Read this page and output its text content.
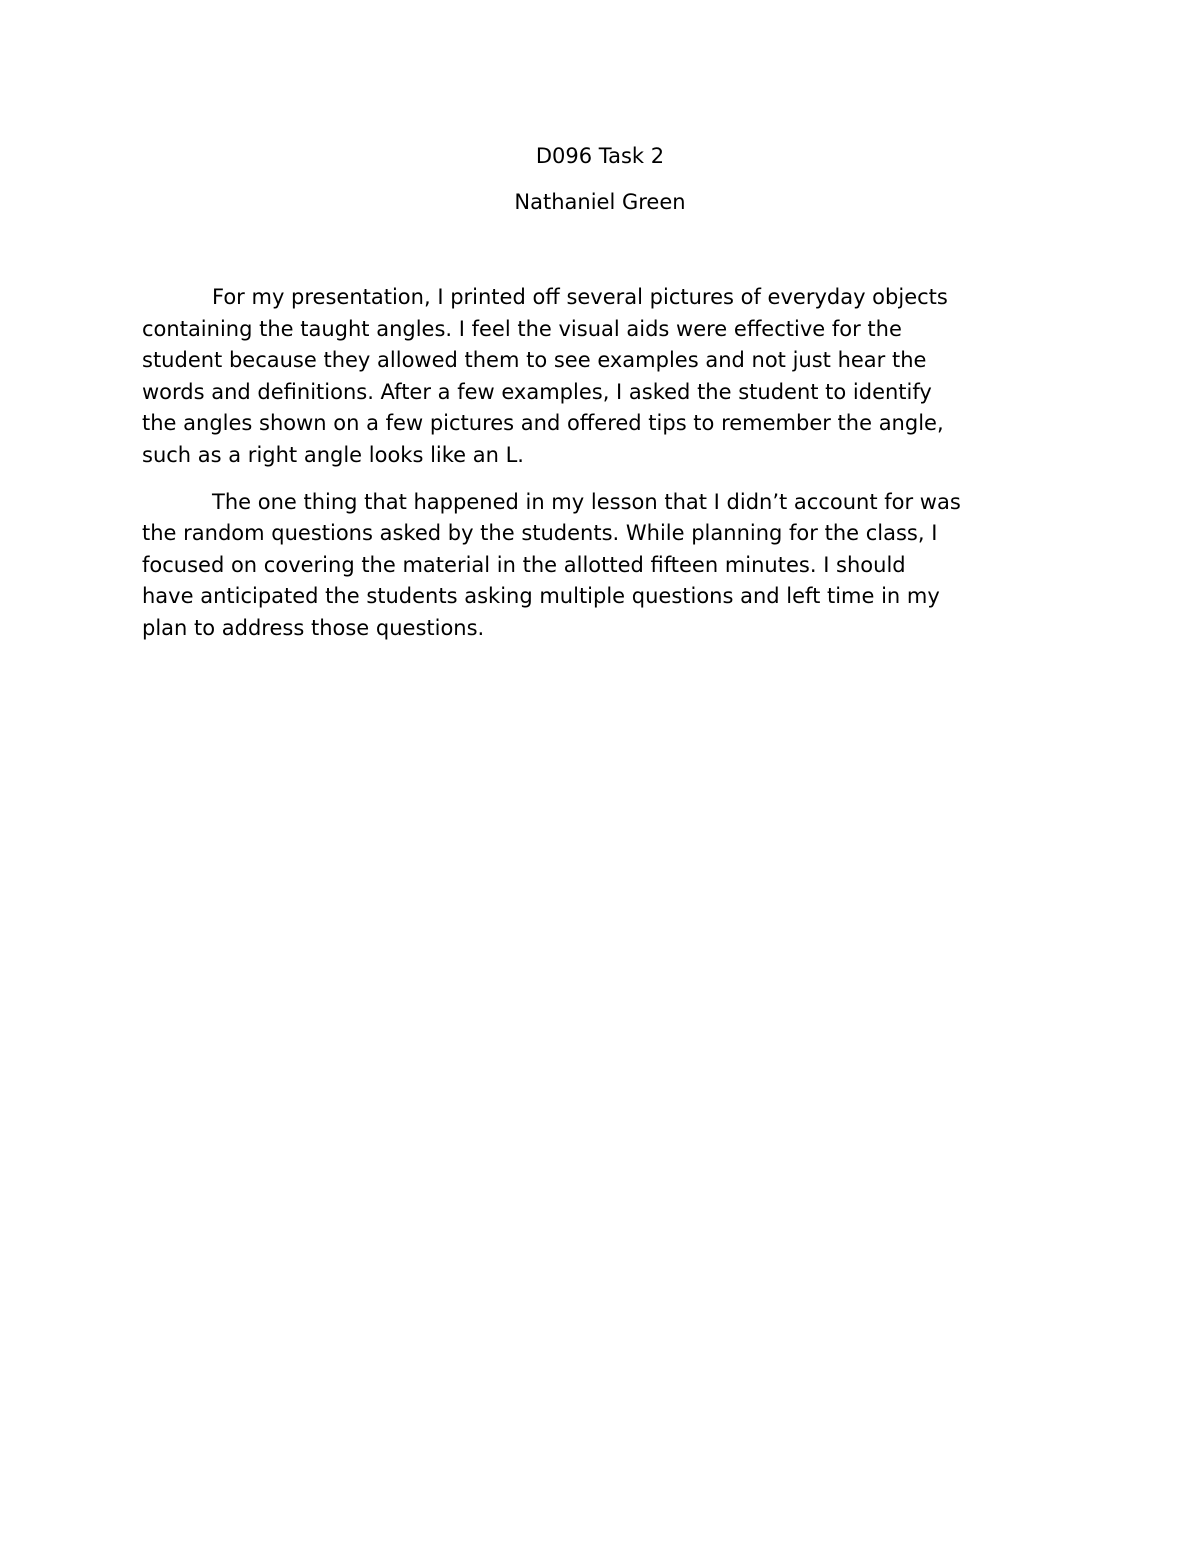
D096 Task 2
Nathaniel Green

For my presentation, I printed off several pictures of everyday objects
containing the taught angles. I feel the visual aids were effective for the
student because they allowed them to see examples and not just hear the
words and definitions. After a few examples, I asked the student to identify
the angles shown on a few pictures and offered tips to remember the angle,
such as a right angle looks like an L.

The one thing that happened in my lesson that I didn’t account for was
the random questions asked by the students. While planning for the class, I
focused on covering the material in the allotted fifteen minutes. I should
have anticipated the students asking multiple questions and left time in my
plan to address those questions.
